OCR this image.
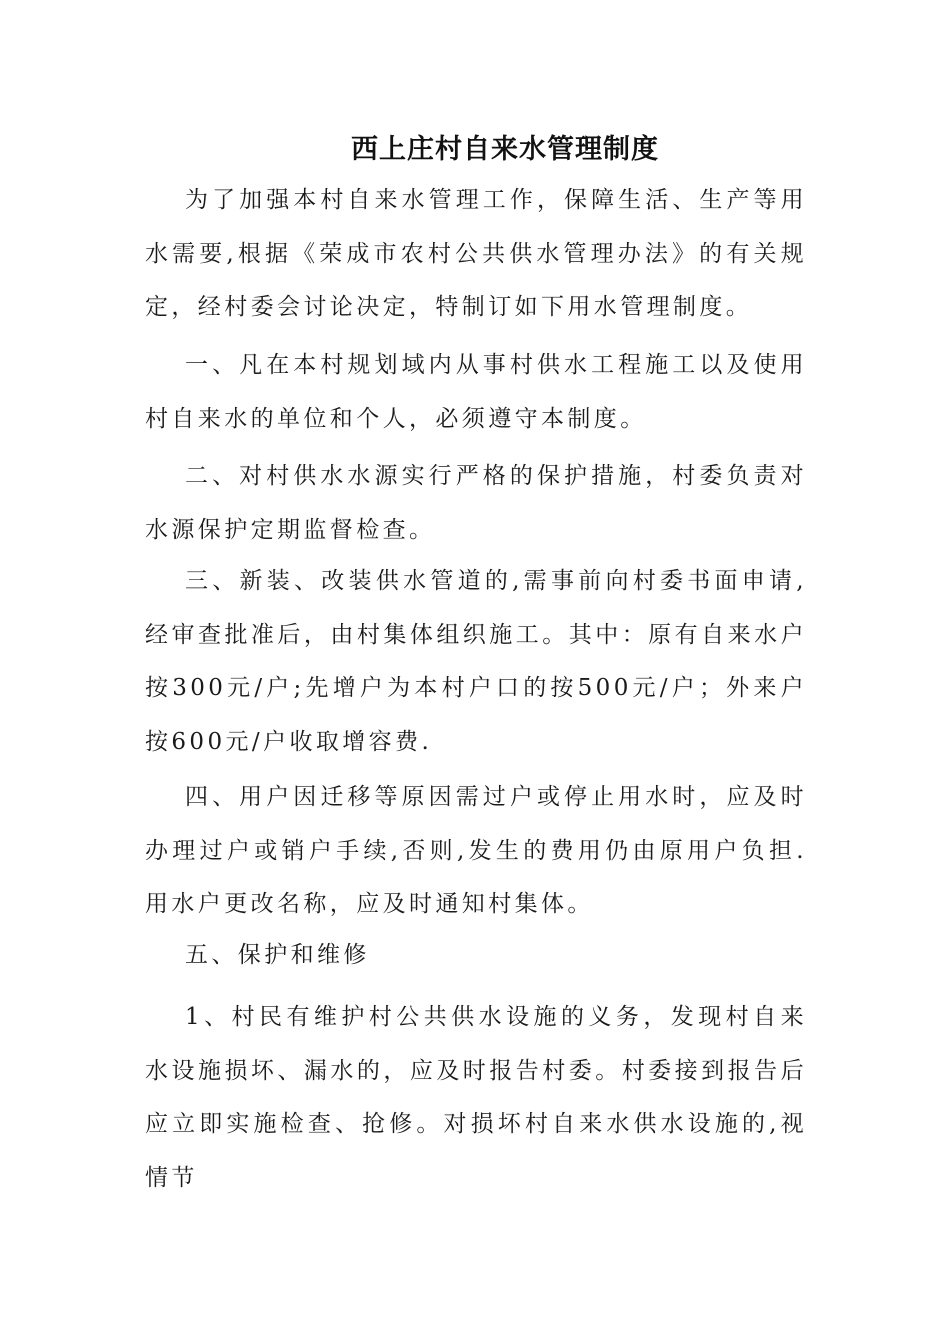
西上庄村自来水管理制度

为了加强本村自来水管理工作，保障生活、生产等用水需要,根据《荣成市农村公共供水管理办法》的有关规定，经村委会讨论决定，特制订如下用水管理制度。

一、凡在本村规划域内从事村供水工程施工以及使用村自来水的单位和个人，必须遵守本制度。

二、对村供水水源实行严格的保护措施，村委负责对水源保护定期监督检查。

三、新装、改装供水管道的,需事前向村委书面申请,经审查批准后，由村集体组织施工。其中：原有自来水户按300元/户;先增户为本村户口的按500元/户；外来户按600元/户收取增容费.

四、用户因迁移等原因需过户或停止用水时，应及时办理过户或销户手续,否则,发生的费用仍由原用户负担.用水户更改名称，应及时通知村集体。

五、保护和维修

1、村民有维护村公共供水设施的义务，发现村自来水设施损坏、漏水的，应及时报告村委。村委接到报告后应立即实施检查、抢修。对损坏村自来水供水设施的,视情节
